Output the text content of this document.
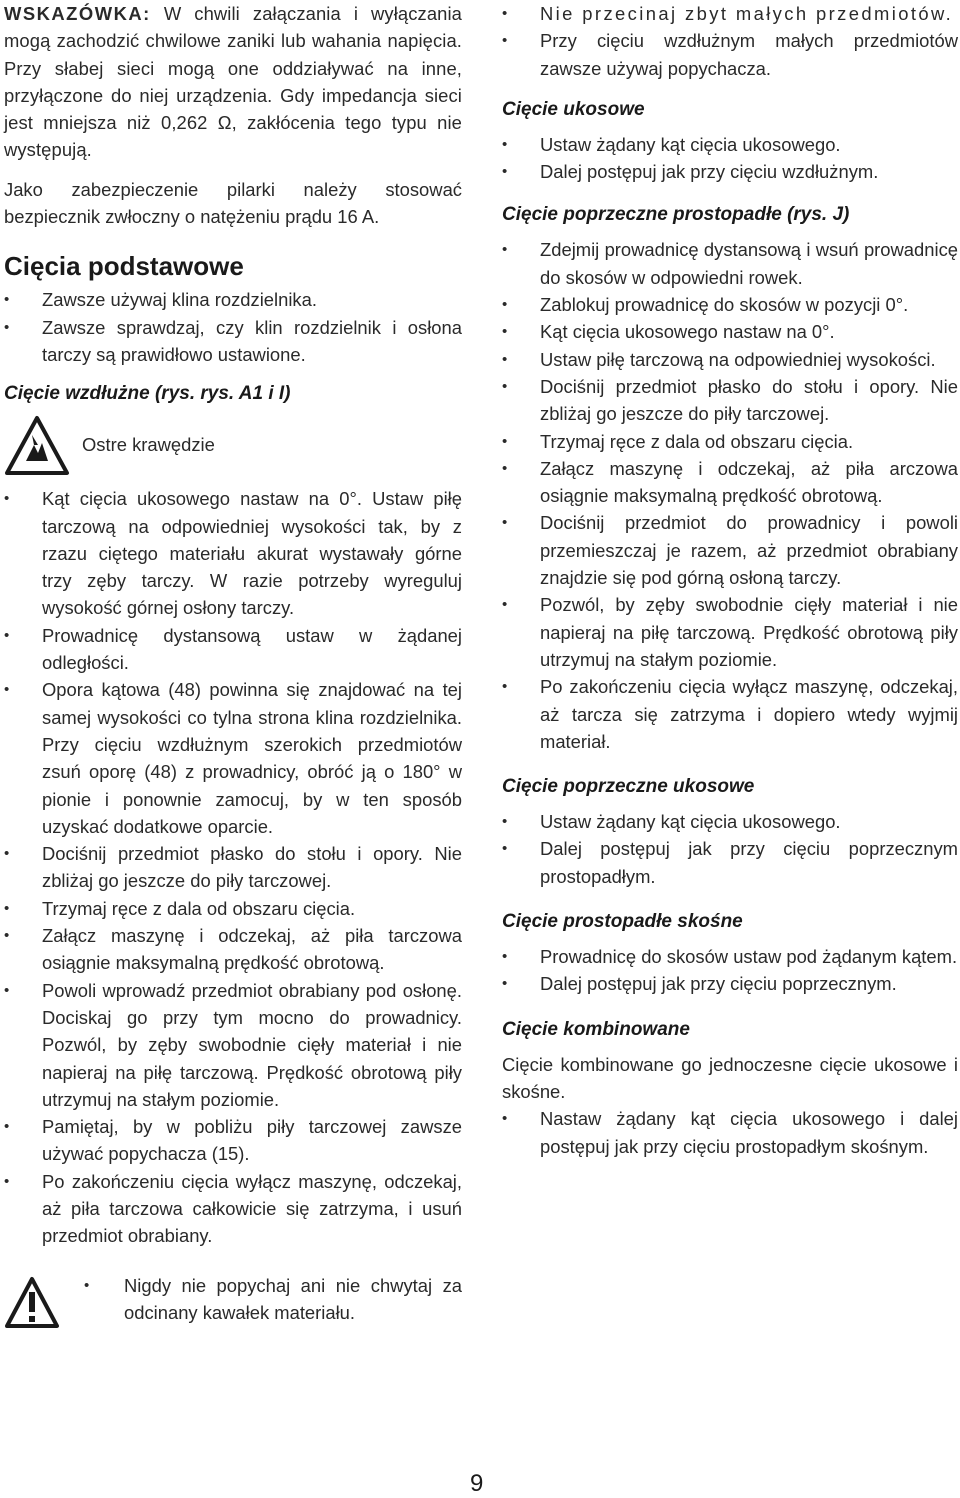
WSKAZÓWKA: W chwili załączania i wyłączania mogą zachodzić chwilowe zaniki lub wahania napięcia. Przy słabej sieci mogą one oddziaływać na inne, przyłączone do niej urządzenia. Gdy impedancja sieci jest mniejsza niż 0,262 Ω, zakłócenia tego typu nie występują.

Jako zabezpieczenie pilarki należy stosować bezpiecznik zwłoczny o natężeniu prądu 16 A.

Cięcia podstawowe
• Zawsze używaj klina rozdzielnika.
• Zawsze sprawdzaj, czy klin rozdzielnik i osłona tarczy są prawidłowo ustawione.
Cięcie wzdłużne (rys. rys. A1 i I)
Ostre krawędzie
• Kąt cięcia ukosowego nastaw na 0°. Ustaw piłę tarczową na odpowiedniej wysokości tak, by z rzazu ciętego materiału akurat wystawały górne trzy zęby tarczy. W razie potrzeby wyreguluj wysokość górnej osłony tarczy.
• Prowadnicę dystansową ustaw w żądanej odległości.
• Opora kątowa (48) powinna się znajdować na tej samej wysokości co tylna strona klina rozdzielnika. Przy cięciu wzdłużnym szerokich przedmiotów zsuń oporę (48) z prowadnicy, obróć ją o 180° w pionie i ponownie zamocuj, by w ten sposób uzyskać dodatkowe oparcie.
• Dociśnij przedmiot płasko do stołu i opory. Nie zbliżaj go jeszcze do piły tarczowej.
• Trzymaj ręce z dala od obszaru cięcia.
• Załącz maszynę i odczekaj, aż piła tarczowa osiągnie maksymalną prędkość obrotową.
• Powoli wprowadź przedmiot obrabiany pod osłonę. Dociskaj go przy tym mocno do prowadnicy. Pozwól, by zęby swobodnie cięły materiał i nie napieraj na piłę tarczową. Prędkość obrotową piły utrzymuj na stałym poziomie.
• Pamiętaj, by w pobliżu piły tarczowej zawsze używać popychacza (15).
• Po zakończeniu cięcia wyłącz maszynę, odczekaj, aż piła tarczowa całkowicie się zatrzyma, i usuń przedmiot obrabiany.
• Nigdy nie popychaj ani nie chwytaj za odcinany kawałek materiału.
• Nie przecinaj zbyt małych przedmiotów.
• Przy cięciu wzdłużnym małych przedmiotów zawsze używaj popychacza.
Cięcie ukosowe
• Ustaw żądany kąt cięcia ukosowego.
• Dalej postępuj jak przy cięciu wzdłużnym.
Cięcie poprzeczne prostopadłe (rys. J)
• Zdejmij prowadnicę dystansową i wsuń prowadnicę do skosów w odpowiedni rowek.
• Zablokuj prowadnicę do skosów w pozycji 0°.
• Kąt cięcia ukosowego nastaw na 0°.
• Ustaw piłę tarczową na odpowiedniej wysokości.
• Dociśnij przedmiot płasko do stołu i opory. Nie zbliżaj go jeszcze do piły tarczowej.
• Trzymaj ręce z dala od obszaru cięcia.
• Załącz maszynę i odczekaj, aż piła arczowa osiągnie maksymalną prędkość obrotową.
• Dociśnij przedmiot do prowadnicy i powoli przemieszczaj je razem, aż przedmiot obrabiany znajdzie się pod górną osłoną tarczy.
• Pozwól, by zęby swobodnie cięły materiał i nie napieraj na piłę tarczową. Prędkość obrotową piły utrzymuj na stałym poziomie.
• Po zakończeniu cięcia wyłącz maszynę, odczekaj, aż tarcza się zatrzyma i dopiero wtedy wyjmij materiał.
Cięcie poprzeczne ukosowe
• Ustaw żądany kąt cięcia ukosowego.
• Dalej postępuj jak przy cięciu poprzecznym prostopadłym.
Cięcie prostopadłe skośne
• Prowadnicę do skosów ustaw pod żądanym kątem.
• Dalej postępuj jak przy cięciu poprzecznym.
Cięcie kombinowane

Cięcie kombinowane go jednoczesne cięcie ukosowe i skośne.

• Nastaw żądany kąt cięcia ukosowego i dalej postępuj jak przy cięciu prostopadłym skośnym.
9
